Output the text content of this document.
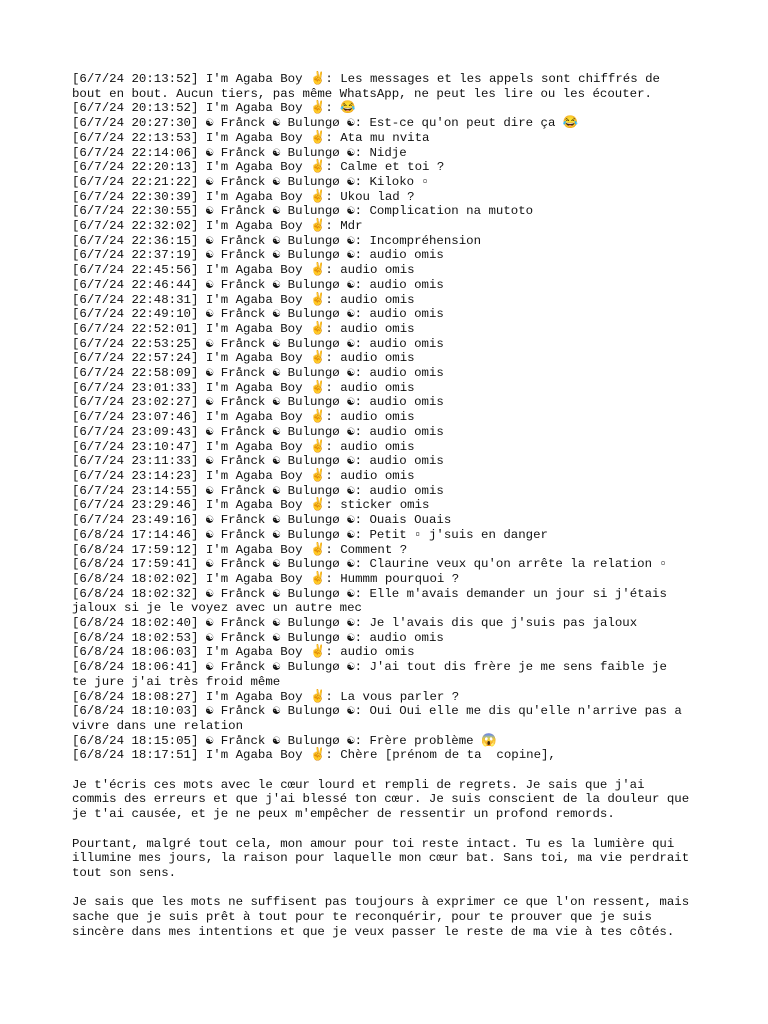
[6/7/24 20:13:52] I'm Agaba Boy ✌️: Les messages et les appels sont chiffrés de
bout en bout. Aucun tiers, pas même WhatsApp, ne peut les lire ou les écouter.
[6/7/24 20:13:52] I'm Agaba Boy ✌️: 😂
[6/7/24 20:27:30] ☯ Frånck ☯ Bulungø ☯: Est-ce qu'on peut dire ça 😂
[6/7/24 22:13:53] I'm Agaba Boy ✌️: Ata mu nvita
[6/7/24 22:14:06] ☯ Frånck ☯ Bulungø ☯: Nidje
[6/7/24 22:20:13] I'm Agaba Boy ✌️: Calme et toi ?
[6/7/24 22:21:22] ☯ Frånck ☯ Bulungø ☯: Kiloko ▫
[6/7/24 22:30:39] I'm Agaba Boy ✌️: Ukou lad ?
[6/7/24 22:30:55] ☯ Frånck ☯ Bulungø ☯: Complication na mutoto
[6/7/24 22:32:02] I'm Agaba Boy ✌️: Mdr
[6/7/24 22:36:15] ☯ Frånck ☯ Bulungø ☯: Incompréhension
[6/7/24 22:37:19] ☯ Frånck ☯ Bulungø ☯: audio omis
[6/7/24 22:45:56] I'm Agaba Boy ✌️: audio omis
[6/7/24 22:46:44] ☯ Frånck ☯ Bulungø ☯: audio omis
[6/7/24 22:48:31] I'm Agaba Boy ✌️: audio omis
[6/7/24 22:49:10] ☯ Frånck ☯ Bulungø ☯: audio omis
[6/7/24 22:52:01] I'm Agaba Boy ✌️: audio omis
[6/7/24 22:53:25] ☯ Frånck ☯ Bulungø ☯: audio omis
[6/7/24 22:57:24] I'm Agaba Boy ✌️: audio omis
[6/7/24 22:58:09] ☯ Frånck ☯ Bulungø ☯: audio omis
[6/7/24 23:01:33] I'm Agaba Boy ✌️: audio omis
[6/7/24 23:02:27] ☯ Frånck ☯ Bulungø ☯: audio omis
[6/7/24 23:07:46] I'm Agaba Boy ✌️: audio omis
[6/7/24 23:09:43] ☯ Frånck ☯ Bulungø ☯: audio omis
[6/7/24 23:10:47] I'm Agaba Boy ✌️: audio omis
[6/7/24 23:11:33] ☯ Frånck ☯ Bulungø ☯: audio omis
[6/7/24 23:14:23] I'm Agaba Boy ✌️: audio omis
[6/7/24 23:14:55] ☯ Frånck ☯ Bulungø ☯: audio omis
[6/7/24 23:29:46] I'm Agaba Boy ✌️: sticker omis
[6/7/24 23:49:16] ☯ Frånck ☯ Bulungø ☯: Ouais Ouais
[6/8/24 17:14:46] ☯ Frånck ☯ Bulungø ☯: Petit ▫ j'suis en danger
[6/8/24 17:59:12] I'm Agaba Boy ✌️: Comment ?
[6/8/24 17:59:41] ☯ Frånck ☯ Bulungø ☯: Claurine veux qu'on arrête la relation ▫
[6/8/24 18:02:02] I'm Agaba Boy ✌️: Hummm pourquoi ?
[6/8/24 18:02:32] ☯ Frånck ☯ Bulungø ☯: Elle m'avais demander un jour si j'étais
jaloux si je le voyez avec un autre mec
[6/8/24 18:02:40] ☯ Frånck ☯ Bulungø ☯: Je l'avais dis que j'suis pas jaloux
[6/8/24 18:02:53] ☯ Frånck ☯ Bulungø ☯: audio omis
[6/8/24 18:06:03] I'm Agaba Boy ✌️: audio omis
[6/8/24 18:06:41] ☯ Frånck ☯ Bulungø ☯: J'ai tout dis frère je me sens faible je
te jure j'ai très froid même
[6/8/24 18:08:27] I'm Agaba Boy ✌️: La vous parler ?
[6/8/24 18:10:03] ☯ Frånck ☯ Bulungø ☯: Oui Oui elle me dis qu'elle n'arrive pas a
vivre dans une relation
[6/8/24 18:15:05] ☯ Frånck ☯ Bulungø ☯: Frère problème 😱
[6/8/24 18:17:51] I'm Agaba Boy ✌️: Chère [prénom de ta  copine],
Je t'écris ces mots avec le cœur lourd et rempli de regrets. Je sais que j'ai
commis des erreurs et que j'ai blessé ton cœur. Je suis conscient de la douleur que
je t'ai causée, et je ne peux m'empêcher de ressentir un profond remords.
Pourtant, malgré tout cela, mon amour pour toi reste intact. Tu es la lumière qui
illumine mes jours, la raison pour laquelle mon cœur bat. Sans toi, ma vie perdrait
tout son sens.
Je sais que les mots ne suffisent pas toujours à exprimer ce que l'on ressent, mais
sache que je suis prêt à tout pour te reconquérir, pour te prouver que je suis
sincère dans mes intentions et que je veux passer le reste de ma vie à tes côtés.
